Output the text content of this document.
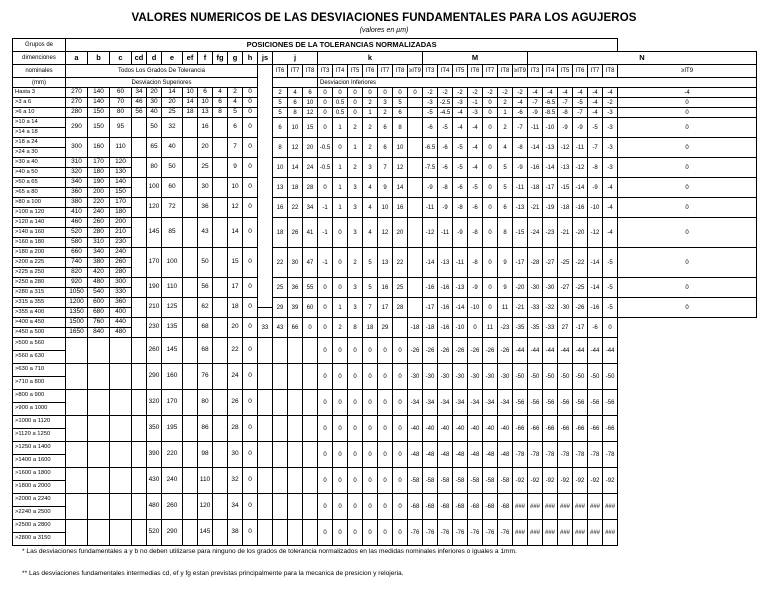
VALORES NUMERICOS DE LAS DESVIACIONES FUNDAMENTALES PARA LOS AGUJEROS
(valores en µm)
Grupos de	POSICIONES DE LA TOLERANCIAS NORMALIZADAS																																			
dimenciones	a	b	c	cd	d	e	ef	f	fg	g	h	js	j			k							M							N						
nominales	Todos Los Grados De Tolerancia												IT6	IT7	IT8	IT3	IT4	IT5	IT6	IT7	IT8	≥IT9	IT3	IT4	IT5	IT6	IT7	IT8	≥IT9	IT3	IT4	IT5	IT6	IT7	IT8	≥IT9
(mm)	Desviacion Superiores															Desviacion Inferiores																				
Hasta 3	270	140	60	34	20	14	10	6	4	2	0		2	4	6	0	0	0	0	0	0	0	-2	-2	-2	-2	-2	-2	-2	-4	-4	-4	-4	-4	-4	-4
>3 a 6	270	140	70	46	30	20	14	10	6	4	0		5	6	10	0	0.5	0	2	3	5		-3	-2.5	-3	-1	0	2	-4	-7	-6.5	-7	-5	-4	-2	0
>6 a 10	280	150	80	56	40	25	18	13	8	5	0		5	8	12	0	0.5	0	1	2	6		-5	-4.5	-4	-3	0	1	-6	-9	-8.5	-8	-7	-4	-3	0
>10 a 14	290	150	95		50	32		16		6	0		6	10	15	0	1	2	2	6	8		-6	-5	-4	-4	0	2	-7	-11	-10	-9	-9	-5	-3	0
>14 a 18																																				
>18 a 24	300	160	110		65	40		20		7	0		8	12	20	-0.5	0	1	2	6	10		-6.5	-6	-5	-4	0	4	-8	-14	-13	-12	-11	-7	-3	0
>24 a 30																																				
>30 a 40	310	170	120		80	50		25		9	0		10	14	24	-0.5	1	2	3	7	12		-7.5	-6	-5	-4	0	5	-9	-16	-14	-13	-12	-8	-3	0
>40 a 50	320	180	130																																	
>50 a 65	340	190	140		100	60		30		10	0		13	18	28	0	1	3	4	9	14		-9	-8	-6	-5	0	5	-11	-18	-17	-15	-14	-9	-4	0
>65 a 80	360	200	150																																	
>80 a 100	380	220	170		120	72		36		12	0		16	22	34	-1	1	3	4	10	16		-11	-9	-8	-6	0	6	-13	-21	-19	-18	-16	-10	-4	0
>100 a 120	410	240	180																																	
>120 a 140	460	260	200		145	85		43		14	0		18	26	41	-1	0	3	4	12	20		-12	-11	-9	-8	0	8	-15	-24	-23	-21	-20	-12	-4	0
>140 a 160	520	280	210																																	
>160 a 180	580	310	230																																	
>180 a 200	660	340	240		170	100		50		15	0		22	30	47	-1	0	2	5	13	22		-14	-13	-11	-8	0	9	-17	-28	-27	-25	-22	-14	-5	0
>200 a 225	740	380	260																																	
>225 a 250	820	420	280																																	
>250 a 280	920	480	300		190	110		56		17	0		25	36	55	0	0	3	5	16	25		-16	-16	-13	-9	0	9	-20	-30	-30	-27	-25	-14	-5	0
>280 a 315	1050	540	330																																	
>315 a 355	1200	600	360		210	125		62		18	0		29	39	60	0	1	3	7	17	28		-17	-16	-14	-10	0	11	-21	-33	-32	-30	-26	-16	-5	0
>355 a 400	1350	680	400																																	
>400 a 450	1500	760	440		230	135		68		20	0	33	43	66	0	0	2	8	18	29		-18	-18	-16	-10	0	11	-23	-35	-35	-33	27	-17	-6	0	
>450 a 500	1650	840	480																																	
>500 a 560					260	145		68		22	0					0	0	0	0	0	0	-26	-26	-26	-26	-26	-26	-26	-44	-44	-44	-44	-44	-44	-44	
>560 a 630																																				
>630 a 710					290	160		76		24	0					0	0	0	0	0	0	-30	-30	-30	-30	-30	-30	-30	-50	-50	-50	-50	-50	-50	-50	
>710 a 800																																				
>800 a 900					320	170		80		26	0					0	0	0	0	0	0	-34	-34	-34	-34	-34	-34	-34	-56	-56	-56	-56	-56	-56	-56	
>900 a 1000																																				
>1000 a 1120					350	195		86		28	0					0	0	0	0	0	0	-40	-40	-40	-40	-40	-40	-40	-66	-66	-66	-66	-66	-66	-66	
>1120 a 1250																																				
>1250 a 1400					390	220		98		30	0					0	0	0	0	0	0	-48	-48	-48	-48	-48	-48	-48	-78	-78	-78	-78	-78	-78	-78	
>1400 a 1600																																				
>1600 a 1800					430	240		110		32	0					0	0	0	0	0	0	-58	-58	-58	-58	-58	-58	-58	-92	-92	-92	-92	-92	-92	-92	
>1800 a 2000																																				
>2000 a 2240					480	260		120		34	0					0	0	0	0	0	0	-68	-68	-68	-68	-68	-68	-68	###	###	###	###	###	###	###	
>2240 a 2500																																				
>2500 a 2800					520	290		145		38	0					0	0	0	0	0	0	-76	-76	-76	-76	-76	-76	-76	###	###	###	###	###	###	###	
>2800 a 3150																																				
* Las desviaciones fundamentales a y b no deben utilizarse para ninguno de los grados de tolerancia normalizados en las medidas nominales inferiores o iguales a 1mm.
** Las desviaciones fundamentales intermedias cd, ef y fg estan previstas principalmente para la mecanica de presicion y relojeria.
